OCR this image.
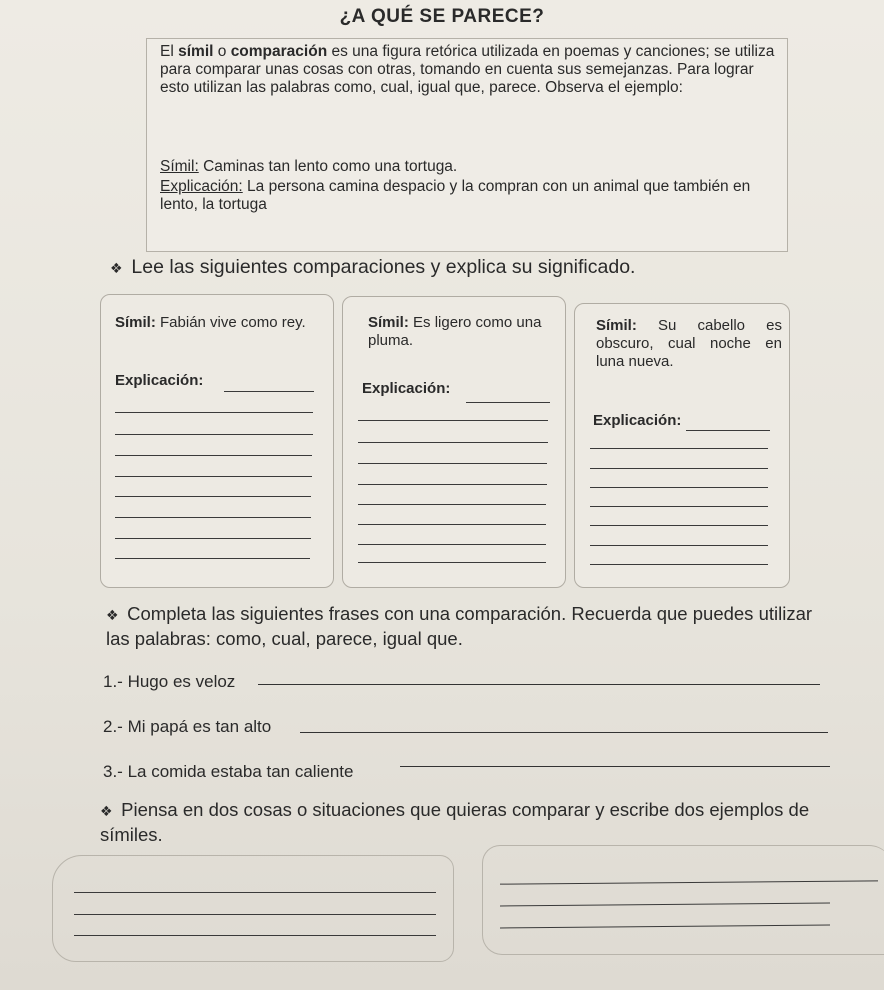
¿A QUÉ SE PARECE?
El símil o comparación es una figura retórica utilizada en poemas y canciones; se utiliza para comparar unas cosas con otras, tomando en cuenta sus semejanzas. Para lograr esto utilizan las palabras como, cual, igual que, parece. Observa el ejemplo:
Símil: Caminas tan lento como una tortuga.
Explicación: La persona camina despacio y la compran con un animal que también en lento, la tortuga
❖ Lee las siguientes comparaciones y explica su significado.
Símil: Fabián vive como rey.
Explicación:
Símil: Es ligero como una pluma.
Explicación:
Símil: Su cabello es obscuro, cual noche en luna nueva.
Explicación:
❖ Completa las siguientes frases con una comparación. Recuerda que puedes utilizar las palabras: como, cual, parece, igual que.
1.- Hugo es veloz
2.- Mi papá es tan alto
3.- La comida estaba tan caliente
❖ Piensa en dos cosas o situaciones que quieras comparar y escribe dos ejemplos de símiles.
